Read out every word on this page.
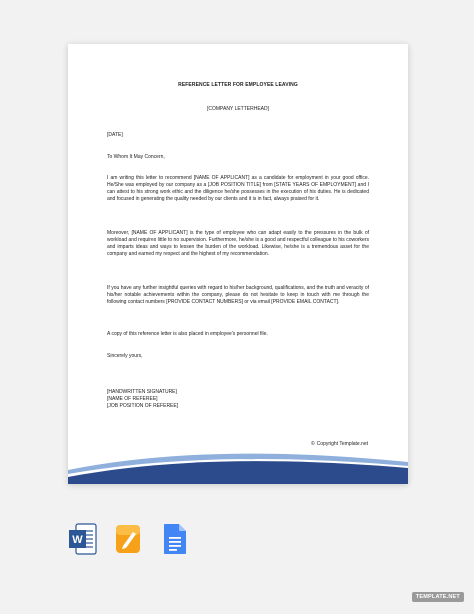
REFERENCE LETTER FOR EMPLOYEE LEAVING
[COMPANY LETTERHEAD]
[DATE]
To Whom It May Concern,
I am writing this letter to recommend [NAME OF APPLICANT] as a candidate for employment in your good office. He/She was employed by our company as a [JOB POSITION TITLE] from [STATE YEARS OF EMPLOYMENT] and I can attest to his strong work ethic and the diligence he/she possesses in the execution of his duties. He is dedicated and focused in generating the quality needed by our clients and it is in fact, always praised for it.
Moreover, [NAME OF APPLICANT] is the type of employee who can adapt easily to the pressures in the bulk of workload and requires little to no supervision. Furthermore, he/she is a good and respectful colleague to his coworkers and imparts ideas and ways to lessen the burden of the workload. Likewise, he/she is a tremendous asset for the company and earned my respect and the highest of my recommendation.
If you have any further insightful queries with regard to his/her background, qualifications, and the truth and veracity of his/her notable achievements within the company, please do not hesitate to keep in touch with me through the following contact numbers [PROVIDE CONTACT NUMBERS] or via email [PROVIDE EMAIL CONTACT].
A copy of this reference letter is also placed in employee's personnel file.
Sincerely yours,
[HANDWRITTEN SIGNATURE]
[NAME OF REFEREE]
[JOB POSITION OF REFEREE]
© Copyright Template.net
W
TEMPLATE.NET
